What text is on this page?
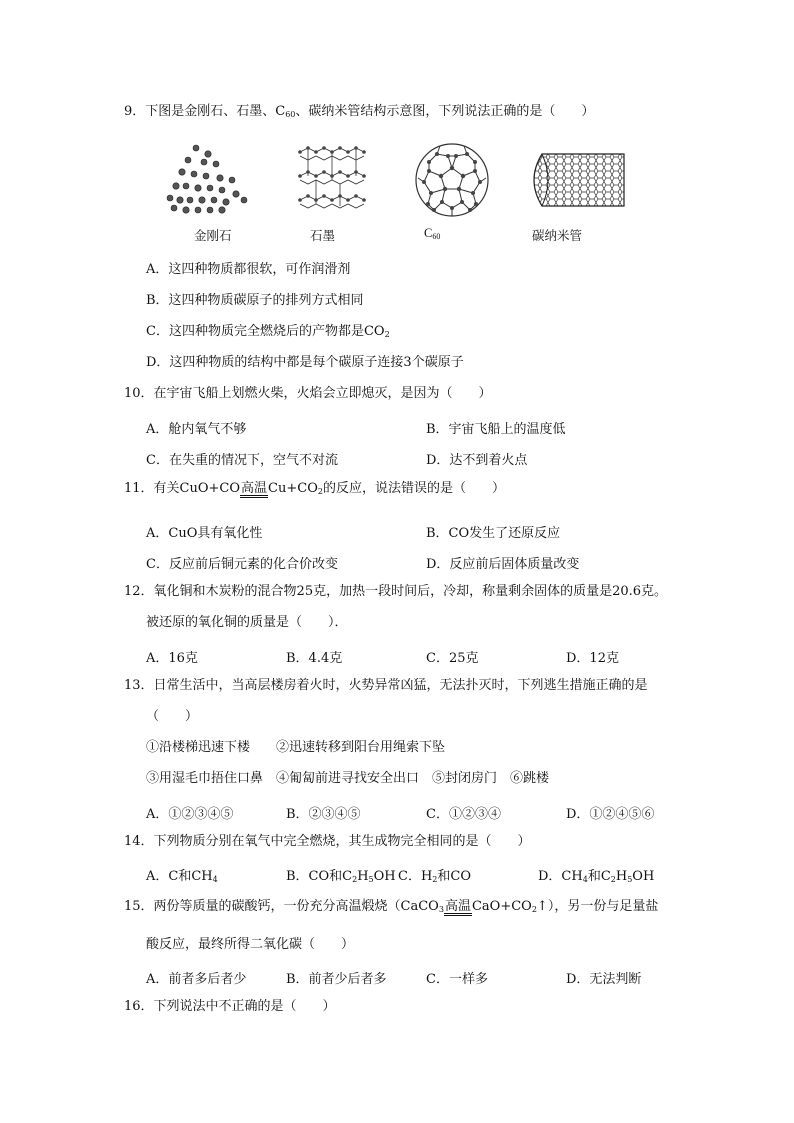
9．下图是金刚石、石墨、$C_{60}$、碳纳米管结构示意图，下列说法正确的是（　　）
金刚石	石墨	$C_{60}$	碳纳米管
A．这四种物质都很软，可作润滑剂
B．这四种物质碳原子的排列方式相同
C．这四种物质完全燃烧后的产物都是$CO_2$
D．这四种物质的结构中都是每个碳原子连接3个碳原子
10．在宇宙飞船上划燃火柴，火焰会立即熄灭，是因为（　　）
A．舱内氧气不够	B．宇宙飞船上的温度低
C．在失重的情况下，空气不对流	D．达不到着火点
11．有关CuO+CO高温$Cu+CO_2$的反应，说法错误的是（　　）
A．CuO具有氧化性	B．CO发生了还原反应
C．反应前后铜元素的化合价改变	D．反应前后固体质量改变
12．氧化铜和木炭粉的混合物25克，加热一段时间后，冷却，称量剩余固体的质量是20.6克。
被还原的氧化铜的质量是（　　）．
A．16克	B．4.4克	C．25克	D．12克
13．日常生活中，当高层楼房着火时，火势异常凶猛，无法扑灭时，下列逃生措施正确的是
（　　）
①沿楼梯迅速下楼　　②迅速转移到阳台用绳索下坠
③用湿毛巾捂住口鼻　④匍匐前进寻找安全出口　⑤封闭房门　⑥跳楼
A．①②③④⑤	B．②③④⑤	C．①②③④	D．①②④⑤⑥
14．下列物质分别在氧气中完全燃烧，其生成物完全相同的是（　　）
A．C和$CH_4$	B．CO和$C_2H_5OH$ C．$H_2$和CO	D．$CH_4$和$C_2H_5OH$
15．两份等质量的碳酸钙，一份充分高温煅烧（CaCO$_3$高温$CaO+CO_2↑$），另一份与足量盐
酸反应，最终所得二氧化碳（　　）
A．前者多后者少	B．前者少后者多	C．一样多	D．无法判断
16．下列说法中不正确的是（　　）
